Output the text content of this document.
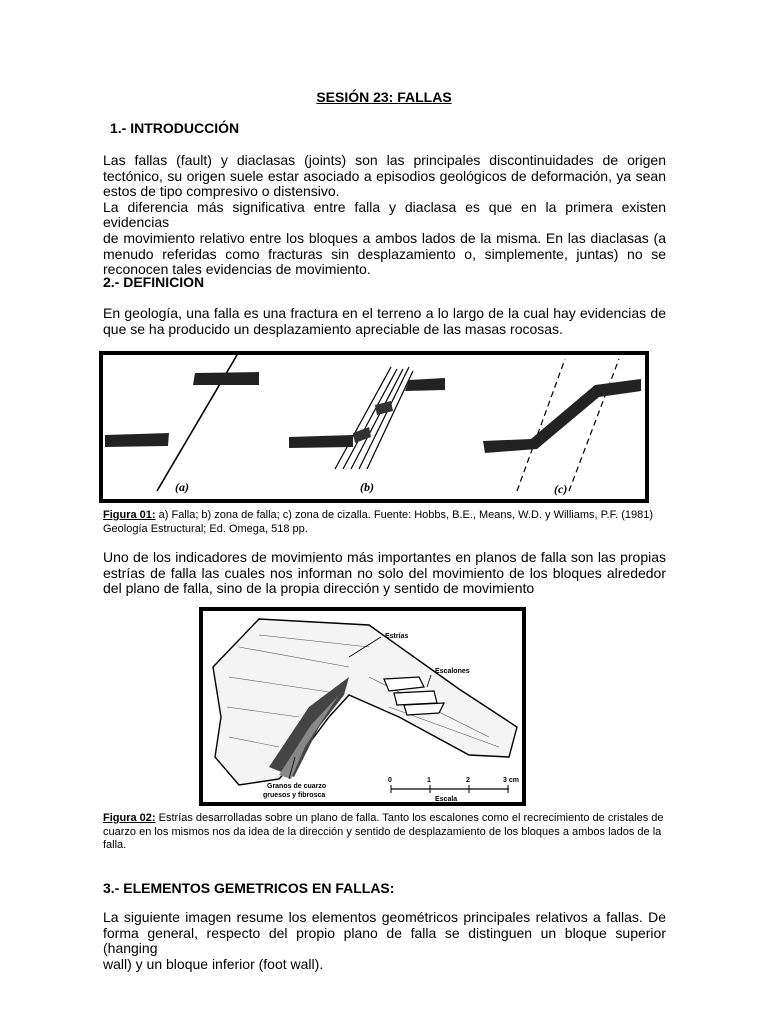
SESIÓN 23: FALLAS
1.- INTRODUCCIÓN
Las fallas (fault) y diaclasas (joints) son las principales discontinuidades de origen
tectónico, su origen suele estar asociado a episodios geológicos de deformación, ya sean
estos de tipo compresivo o distensivo.
La diferencia más significativa entre falla y diaclasa es que en la primera existen evidencias
de movimiento relativo entre los bloques a ambos lados de la misma. En las diaclasas (a
menudo referidas como fracturas sin desplazamiento o, simplemente, juntas) no se
reconocen tales evidencias de movimiento.
2.- DEFINICION
En geología, una falla es una fractura en el terreno a lo largo de la cual hay evidencias de
que se ha producido un desplazamiento apreciable de las masas rocosas.
(a)	(b)	(c)
Figura 01: a) Falla; b) zona de falla; c) zona de cizalla. Fuente: Hobbs, B.E., Means, W.D. y Williams, P.F. (1981) Geología Estructural; Ed. Omega, 518 pp.
Uno de los indicadores de movimiento más importantes en planos de falla son las propias
estrías de falla las cuales nos informan no solo del movimiento de los bloques alrededor
del plano de falla, sino de la propia dirección y sentido de movimiento
Estrías
Escalones
Granos de cuarzo
gruesos y fibrosca
0	1	2	3 cm
Escala
Figura 02: Estrías desarrolladas sobre un plano de falla. Tanto los escalones como el recrecimiento de cristales de cuarzo en los mismos nos da idea de la dirección y sentido de desplazamiento de los bloques a ambos lados de la falla.
3.- ELEMENTOS GEMETRICOS EN FALLAS:
La siguiente imagen resume los elementos geométricos principales relativos a fallas. De
forma general, respecto del propio plano de falla se distinguen un bloque superior (hanging
wall) y un bloque inferior (foot wall).
